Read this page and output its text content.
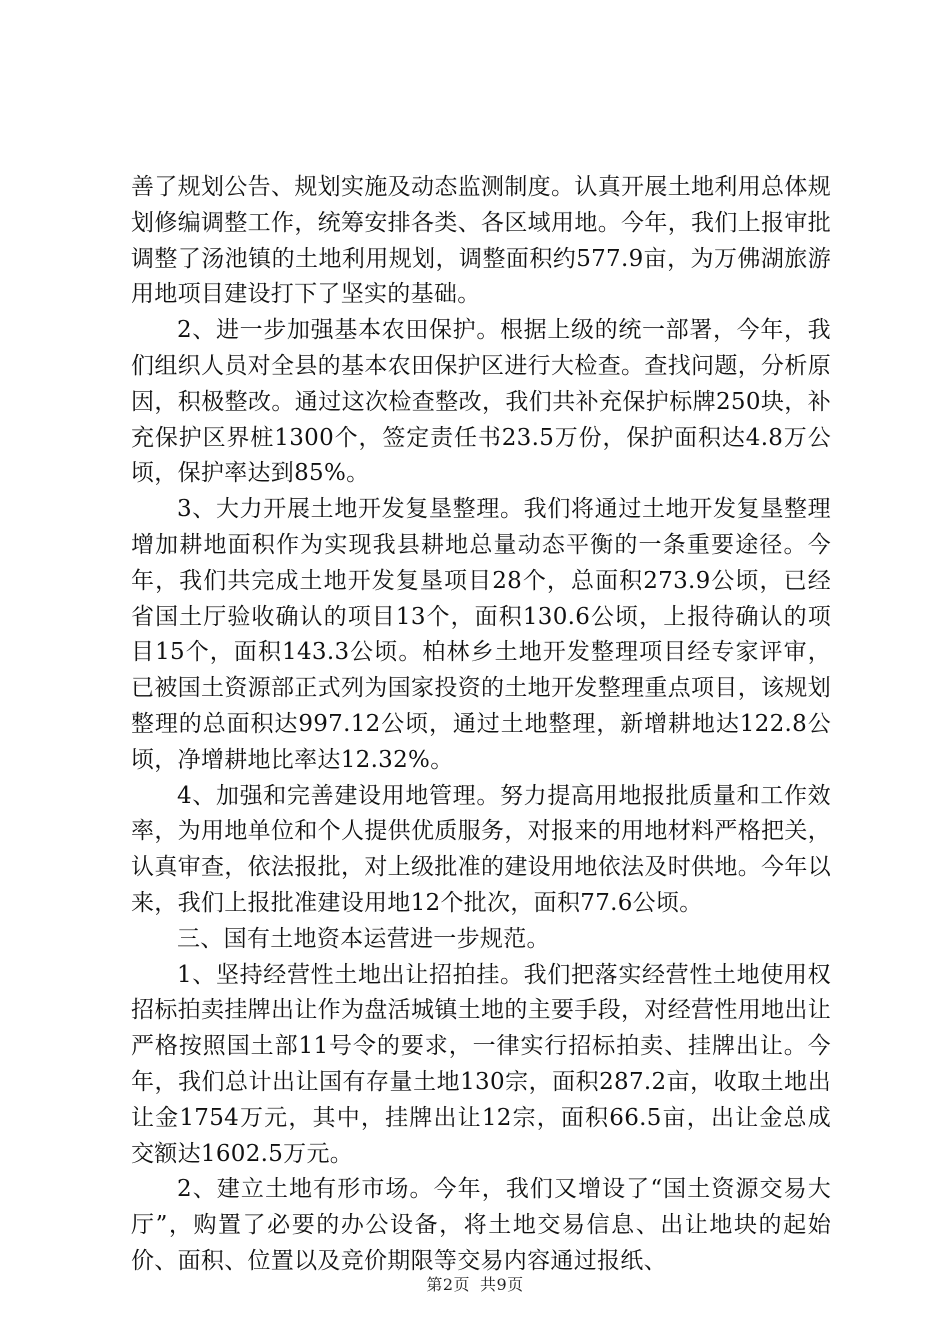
善了规划公告、规划实施及动态监测制度。认真开展土地利用总体规划修编调整工作，统筹安排各类、各区域用地。今年，我们上报审批调整了汤池镇的土地利用规划，调整面积约577.9亩，为万佛湖旅游用地项目建设打下了坚实的基础。

2、进一步加强基本农田保护。根据上级的统一部署，今年，我们组织人员对全县的基本农田保护区进行大检查。查找问题，分析原因，积极整改。通过这次检查整改，我们共补充保护标牌250块，补充保护区界桩1300个，签定责任书23.5万份，保护面积达4.8万公顷，保护率达到85%。

3、大力开展土地开发复垦整理。我们将通过土地开发复垦整理增加耕地面积作为实现我县耕地总量动态平衡的一条重要途径。今年，我们共完成土地开发复垦项目28个，总面积273.9公顷，已经省国土厅验收确认的项目13个，面积130.6公顷，上报待确认的项目15个，面积143.3公顷。柏林乡土地开发整理项目经专家评审，已被国土资源部正式列为国家投资的土地开发整理重点项目，该规划整理的总面积达997.12公顷，通过土地整理，新增耕地达122.8公顷，净增耕地比率达12.32%。

4、加强和完善建设用地管理。努力提高用地报批质量和工作效率，为用地单位和个人提供优质服务，对报来的用地材料严格把关，认真审查，依法报批，对上级批准的建设用地依法及时供地。今年以来，我们上报批准建设用地12个批次，面积77.6公顷。

三、国有土地资本运营进一步规范。

1、坚持经营性土地出让招拍挂。我们把落实经营性土地使用权招标拍卖挂牌出让作为盘活城镇土地的主要手段，对经营性用地出让严格按照国土部11号令的要求，一律实行招标拍卖、挂牌出让。今年，我们总计出让国有存量土地130宗，面积287.2亩，收取土地出让金1754万元，其中，挂牌出让12宗，面积66.5亩，出让金总成交额达1602.5万元。

2、建立土地有形市场。今年，我们又增设了“国土资源交易大厅”，购置了必要的办公设备，将土地交易信息、出让地块的起始价、面积、位置以及竞价期限等交易内容通过报纸、

第2页 共9页
